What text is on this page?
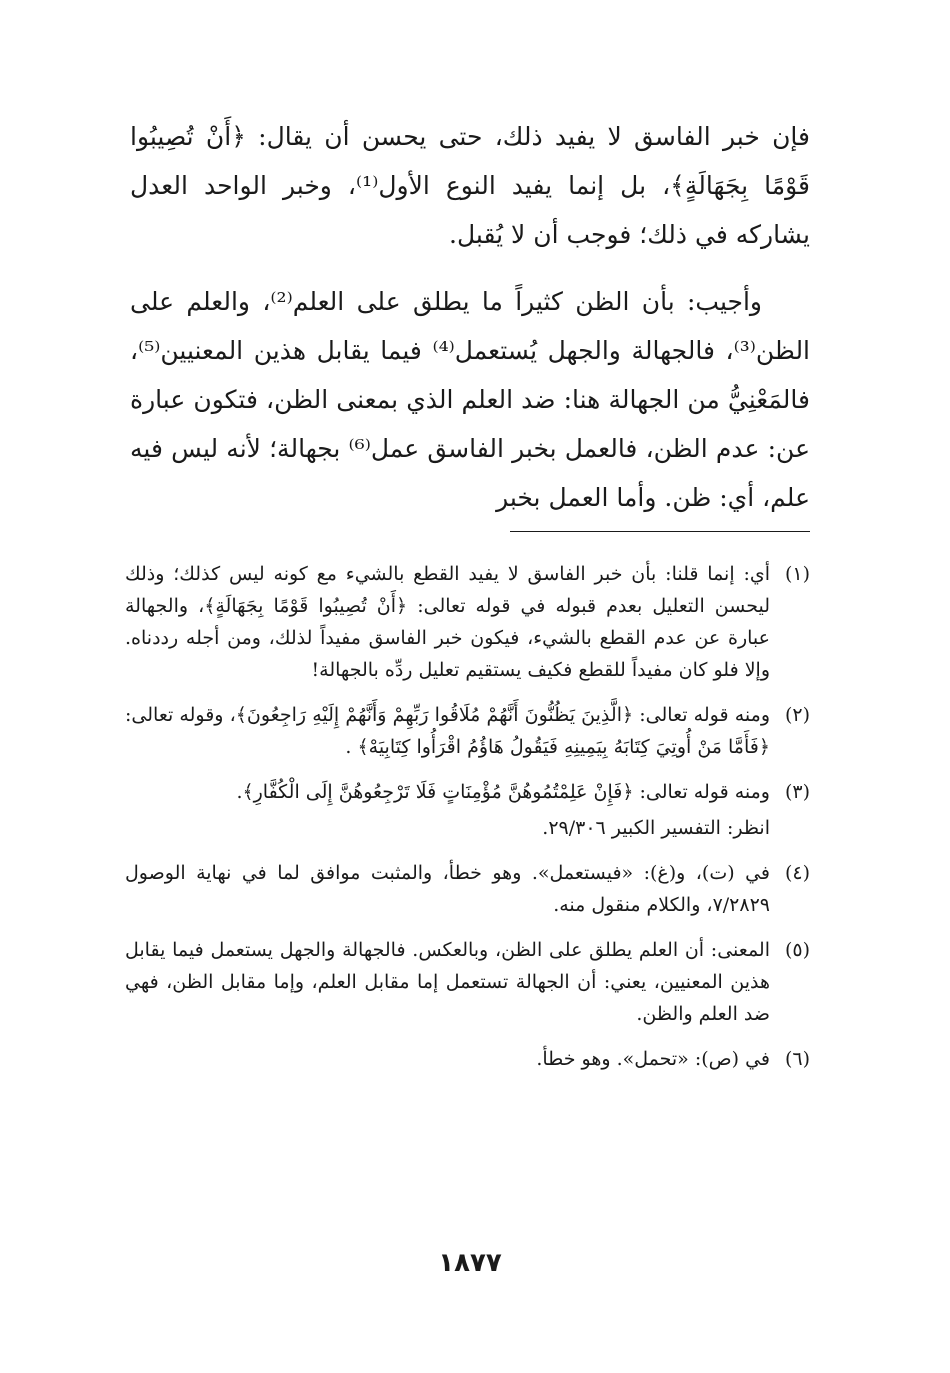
فإن خبر الفاسق لا يفيد ذلك، حتى يحسن أن يقال: ﴿أَنْ تُصِيبُوا قَوْمًا بِجَهَالَةٍ﴾، بل إنما يفيد النوع الأول⁽¹⁾، وخبر الواحد العدل يشاركه في ذلك؛ فوجب أن لا يُقبل.

وأجيب: بأن الظن كثيراً ما يطلق على العلم⁽²⁾، والعلم على الظن⁽³⁾، فالجهالة والجهل يُستعمل⁽⁴⁾ فيما يقابل هذين المعنيين⁽⁵⁾، فالمَعْنِيُّ من الجهالة هنا: ضد العلم الذي بمعنى الظن، فتكون عبارة عن: عدم الظن، فالعمل بخبر الفاسق عمل⁽⁶⁾ بجهالة؛ لأنه ليس فيه علم، أي: ظن. وأما العمل بخبر

(١)

أي: إنما قلنا: بأن خبر الفاسق لا يفيد القطع بالشيء مع كونه ليس كذلك؛ وذلك ليحسن التعليل بعدم قبوله في قوله تعالى: ﴿أَنْ تُصِيبُوا قَوْمًا بِجَهَالَةٍ﴾، والجهالة عبارة عن عدم القطع بالشيء، فيكون خبر الفاسق مفيداً لذلك، ومن أجله رددناه. وإلا فلو كان مفيداً للقطع فكيف يستقيم تعليل ردِّه بالجهالة!

(٢)

ومنه قوله تعالى: ﴿الَّذِينَ يَظُنُّونَ أَنَّهُمْ مُلَاقُوا رَبِّهِمْ وَأَنَّهُمْ إِلَيْهِ رَاجِعُونَ﴾، وقوله تعالى: ﴿فَأَمَّا مَنْ أُوتِيَ كِتَابَهُ بِيَمِينِهِ فَيَقُولُ هَاؤُمُ اقْرَأُوا كِتَابِيَهْ﴾ .

(٣)

ومنه قوله تعالى: ﴿فَإِنْ عَلِمْتُمُوهُنَّ مُؤْمِنَاتٍ فَلَا تَرْجِعُوهُنَّ إِلَى الْكُفَّارِ﴾.

انظر: التفسير الكبير ٢٩/٣٠٦.

(٤)

في (ت)، و(غ): «فيستعمل». وهو خطأ، والمثبت موافق لما في نهاية الوصول ٧/٢٨٢٩، والكلام منقول منه.

(٥)

المعنى: أن العلم يطلق على الظن، وبالعكس. فالجهالة والجهل يستعمل فيما يقابل هذين المعنيين، يعني: أن الجهالة تستعمل إما مقابل العلم، وإما مقابل الظن، فهي ضد العلم والظن.

(٦)

في (ص): «تحمل». وهو خطأ.

١٨٧٧
